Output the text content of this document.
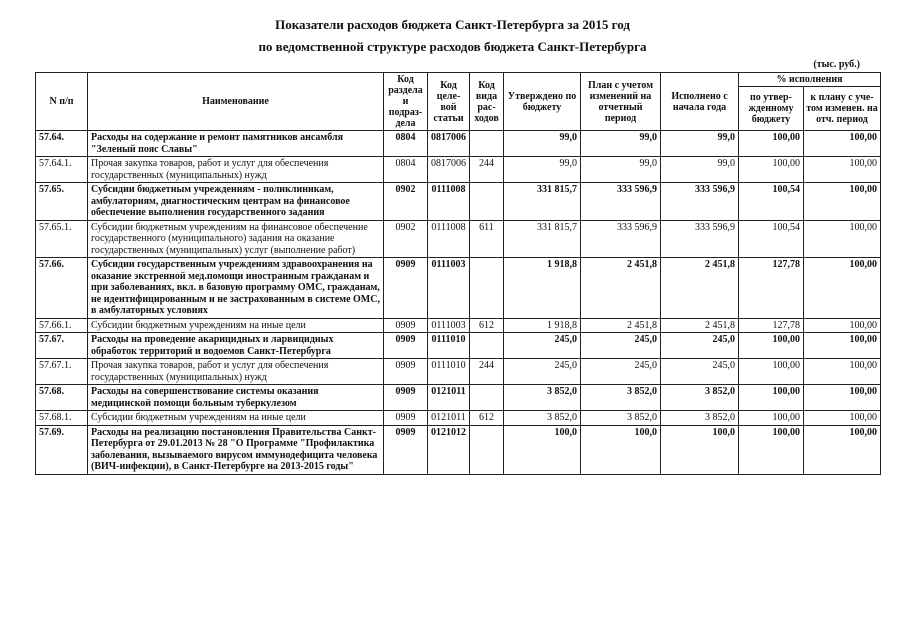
Показатели расходов бюджета Санкт-Петербурга за 2015 год
по ведомственной структуре расходов бюджета Санкт-Петербурга
(тыс. руб.)
N п/п	Наименование	Код раздела и подраз-дела	Код целе-вой статьи	Код вида рас-ходов	Утверждено по бюджету	План с учетом изменений на отчетный период	Исполнено с начала года	% исполнения	
								по утвер-жденному бюджету	к плану с уче-том изменен. на отч. период
57.64.	Расходы на содержание и ремонт памятников ансамбля "Зеленый пояс Славы"	0804	0817006		99,0	99,0	99,0	100,00	100,00
57.64.1.	Прочая закупка товаров, работ и услуг для обеспечения государственных (муниципальных) нужд	0804	0817006	244	99,0	99,0	99,0	100,00	100,00
57.65.	Субсидии бюджетным учреждениям - поликлиникам, амбулаториям, диагностическим центрам на финансовое обеспечение выполнения государственного задания	0902	0111008		331 815,7	333 596,9	333 596,9	100,54	100,00
57.65.1.	Субсидии бюджетным учреждениям на финансовое обеспечение государственного (муниципального) задания на оказание государственных (муниципальных) услуг (выполнение работ)	0902	0111008	611	331 815,7	333 596,9	333 596,9	100,54	100,00
57.66.	Субсидии государственным учреждениям здравоохранения на оказание экстренной мед.помощи иностранным гражданам и при заболеваниях, вкл. в базовую программу ОМС, гражданам, не идентифицированным и не застрахованным в системе ОМС, в амбулаторных условиях	0909	0111003		1 918,8	2 451,8	2 451,8	127,78	100,00
57.66.1.	Субсидии бюджетным учреждениям на иные цели	0909	0111003	612	1 918,8	2 451,8	2 451,8	127,78	100,00
57.67.	Расходы на проведение акарицидных и ларвицидных обработок территорий и водоемов Санкт-Петербурга	0909	0111010		245,0	245,0	245,0	100,00	100,00
57.67.1.	Прочая закупка товаров, работ и услуг для обеспечения государственных (муниципальных) нужд	0909	0111010	244	245,0	245,0	245,0	100,00	100,00
57.68.	Расходы на совершенствование системы оказания медицинской помощи больным туберкулезом	0909	0121011		3 852,0	3 852,0	3 852,0	100,00	100,00
57.68.1.	Субсидии бюджетным учреждениям на иные цели	0909	0121011	612	3 852,0	3 852,0	3 852,0	100,00	100,00
57.69.	Расходы на реализацию постановления Правительства Санкт-Петербурга от 29.01.2013 № 28 "О Программе "Профилактика заболевания, вызываемого вирусом иммунодефицита человека (ВИЧ-инфекции), в Санкт-Петербурге на 2013-2015 годы"	0909	0121012		100,0	100,0	100,0	100,00	100,00
